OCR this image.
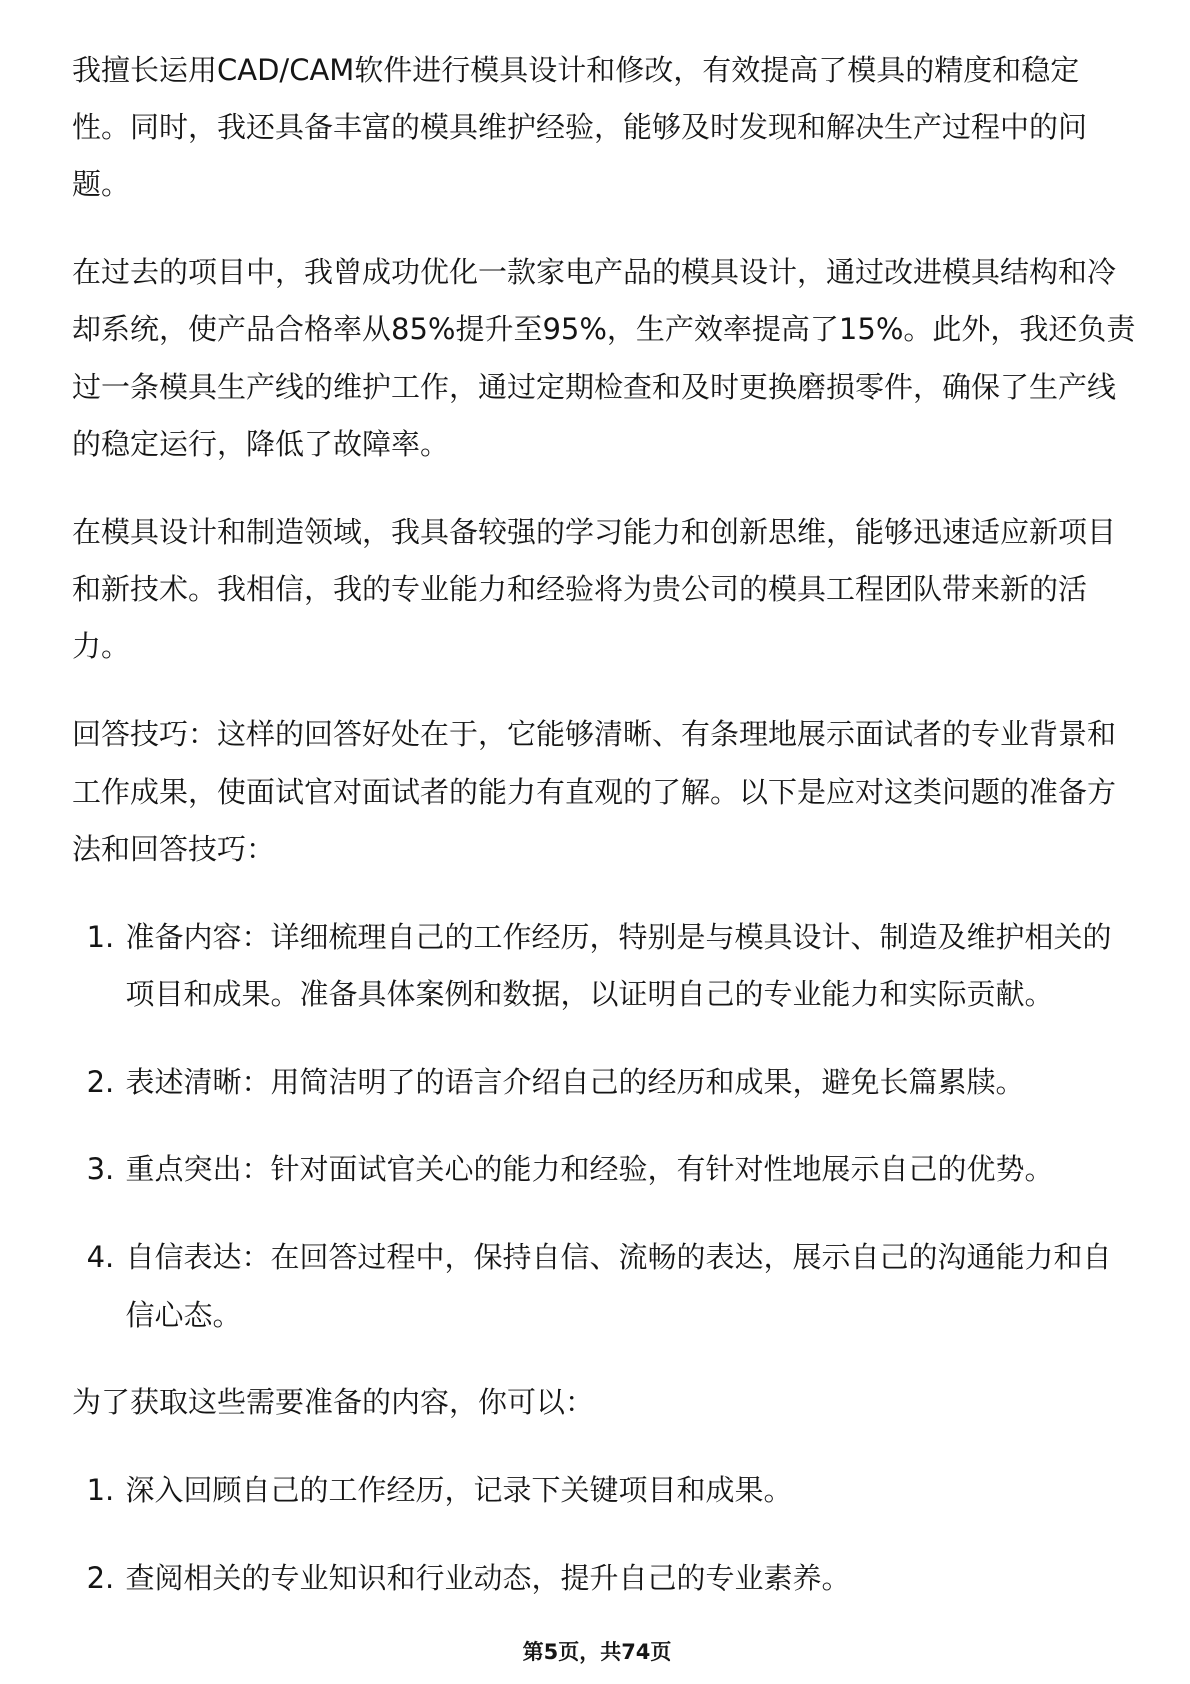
我擅长运用CAD/CAM软件进行模具设计和修改，有效提高了模具的精度和稳定
性。同时，我还具备丰富的模具维护经验，能够及时发现和解决生产过程中的问
题。
在过去的项目中，我曾成功优化一款家电产品的模具设计，通过改进模具结构和冷
却系统，使产品合格率从85%提升至95%，生产效率提高了15%。此外，我还负责
过一条模具生产线的维护工作，通过定期检查和及时更换磨损零件，确保了生产线
的稳定运行，降低了故障率。
在模具设计和制造领域，我具备较强的学习能力和创新思维，能够迅速适应新项目
和新技术。我相信，我的专业能力和经验将为贵公司的模具工程团队带来新的活
力。
回答技巧：这样的回答好处在于，它能够清晰、有条理地展示面试者的专业背景和
工作成果，使面试官对面试者的能力有直观的了解。以下是应对这类问题的准备方
法和回答技巧：
1. 准备内容：详细梳理自己的工作经历，特别是与模具设计、制造及维护相关的
项目和成果。准备具体案例和数据，以证明自己的专业能力和实际贡献。
2. 表述清晰：用简洁明了的语言介绍自己的经历和成果，避免长篇累牍。
3. 重点突出：针对面试官关心的能力和经验，有针对性地展示自己的优势。
4. 自信表达：在回答过程中，保持自信、流畅的表达，展示自己的沟通能力和自
信心态。
为了获取这些需要准备的内容，你可以：
1. 深入回顾自己的工作经历，记录下关键项目和成果。
2. 查阅相关的专业知识和行业动态，提升自己的专业素养。
第5页，共74页
